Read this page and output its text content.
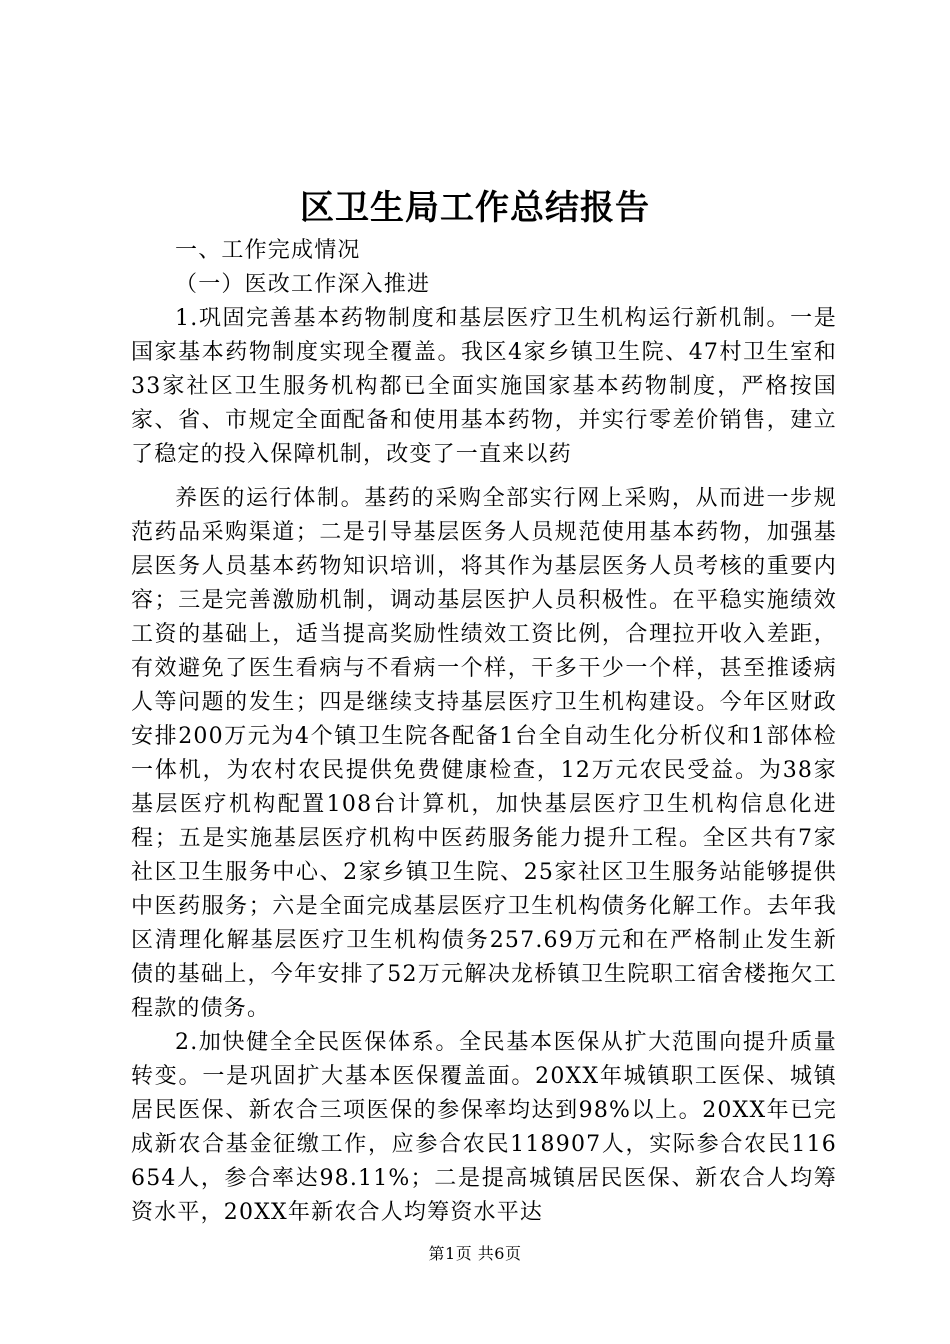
区卫生局工作总结报告

一、工作完成情况

（一）医改工作深入推进

1.巩固完善基本药物制度和基层医疗卫生机构运行新机制。一是国家基本药物制度实现全覆盖。我区4家乡镇卫生院、47村卫生室和33家社区卫生服务机构都已全面实施国家基本药物制度，严格按国家、省、市规定全面配备和使用基本药物，并实行零差价销售，建立了稳定的投入保障机制，改变了一直来以药

养医的运行体制。基药的采购全部实行网上采购，从而进一步规范药品采购渠道；二是引导基层医务人员规范使用基本药物，加强基层医务人员基本药物知识培训，将其作为基层医务人员考核的重要内容；三是完善激励机制，调动基层医护人员积极性。在平稳实施绩效工资的基础上，适当提高奖励性绩效工资比例，合理拉开收入差距，有效避免了医生看病与不看病一个样，干多干少一个样，甚至推诿病人等问题的发生；四是继续支持基层医疗卫生机构建设。今年区财政安排200万元为4个镇卫生院各配备1台全自动生化分析仪和1部体检一体机，为农村农民提供免费健康检查，12万元农民受益。为38家基层医疗机构配置108台计算机，加快基层医疗卫生机构信息化进程；五是实施基层医疗机构中医药服务能力提升工程。全区共有7家社区卫生服务中心、2家乡镇卫生院、25家社区卫生服务站能够提供中医药服务；六是全面完成基层医疗卫生机构债务化解工作。去年我区清理化解基层医疗卫生机构债务257.69万元和在严格制止发生新债的基础上，今年安排了52万元解决龙桥镇卫生院职工宿舍楼拖欠工程款的债务。

2.加快健全全民医保体系。全民基本医保从扩大范围向提升质量转变。一是巩固扩大基本医保覆盖面。20XX年城镇职工医保、城镇居民医保、新农合三项医保的参保率均达到98%以上。20XX年已完成新农合基金征缴工作，应参合农民118907人，实际参合农民116654人，参合率达98.11%；二是提高城镇居民医保、新农合人均筹资水平，20XX年新农合人均筹资水平达

第1页 共6页
